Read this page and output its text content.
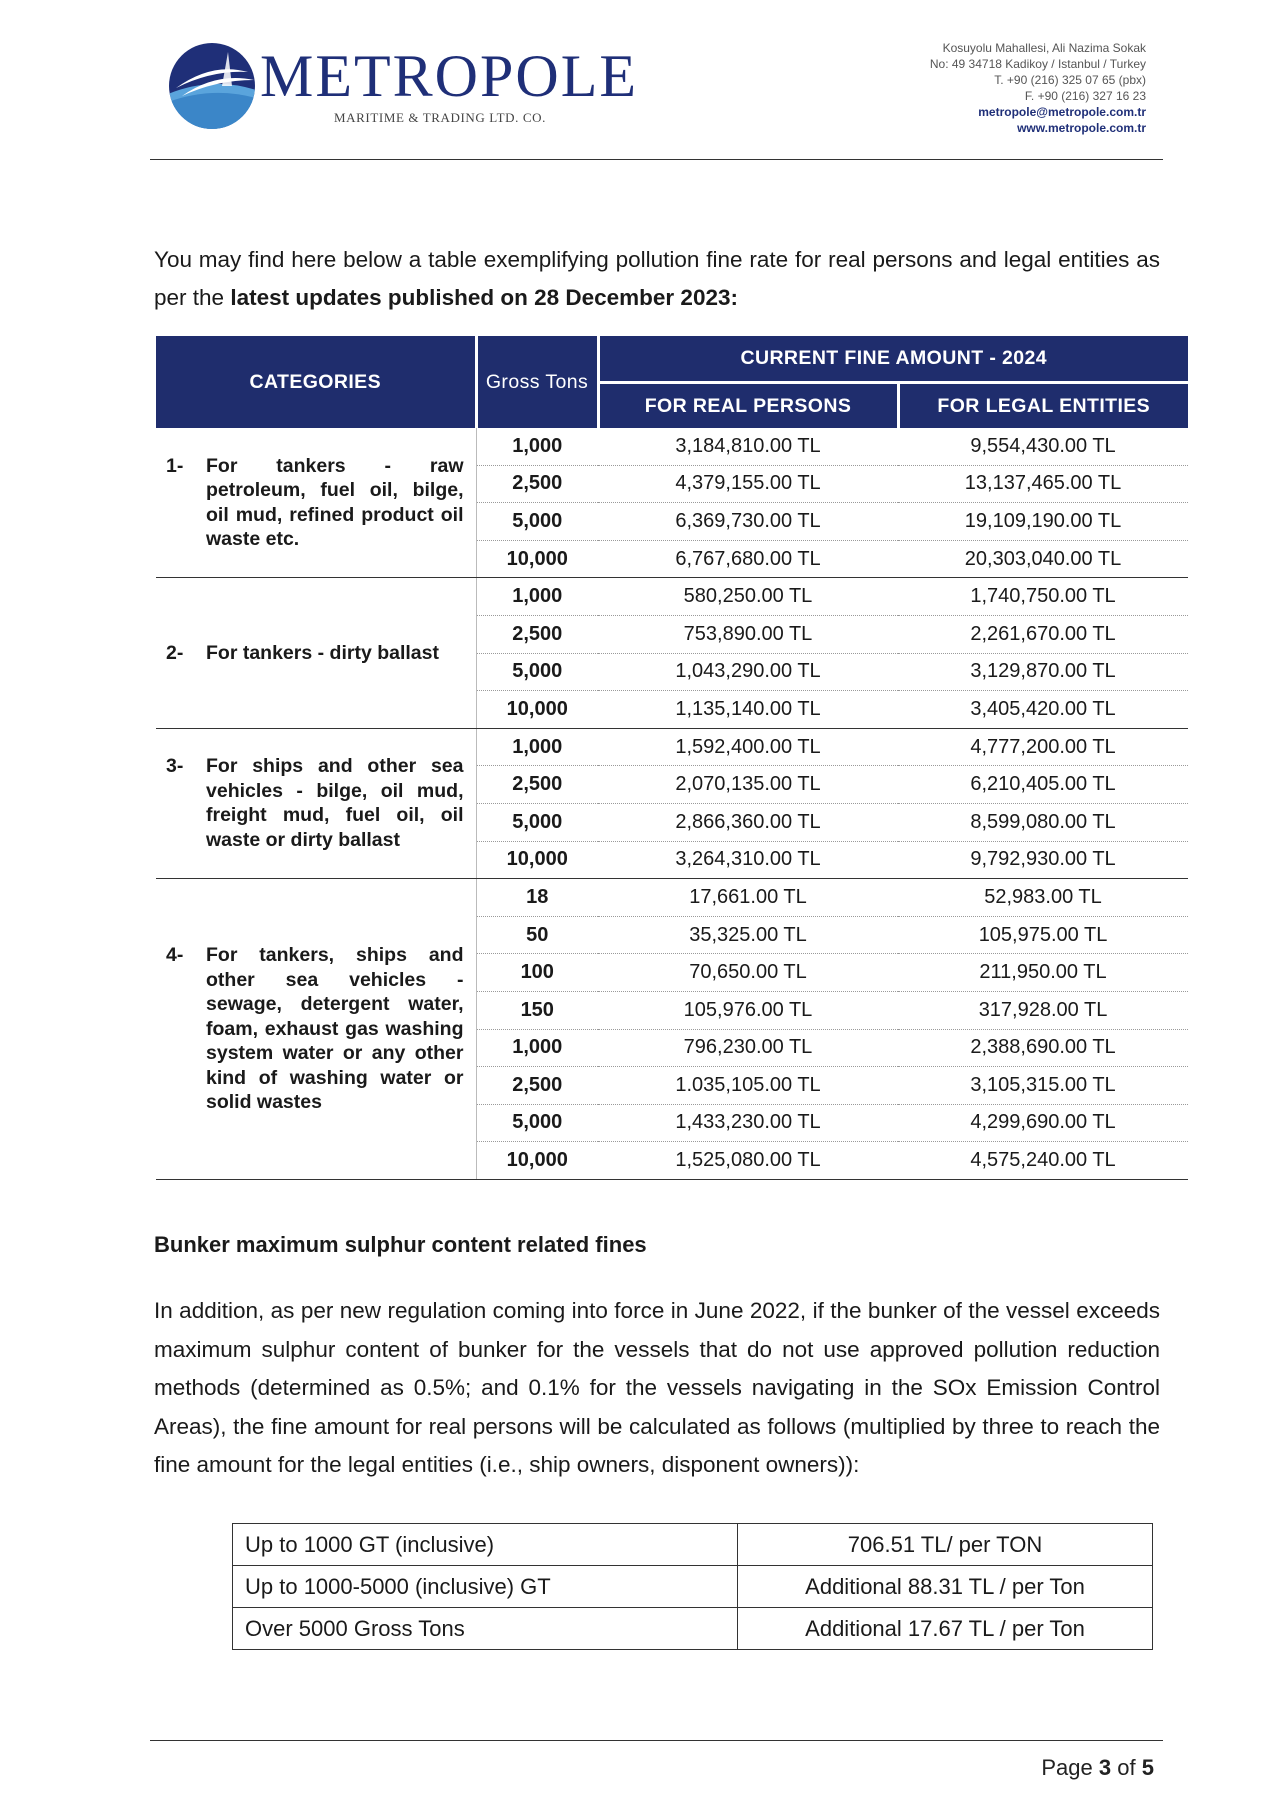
METROPOLE
MARITIME & TRADING LTD. CO.
Kosuyolu Mahallesi, Ali Nazima Sokak
No: 49 34718 Kadikoy / Istanbul / Turkey
T. +90 (216) 325 07 65 (pbx)
F. +90 (216) 327 16 23
metropole@metropole.com.tr
www.metropole.com.tr
You may find here below a table exemplifying pollution fine rate for real persons and legal entities as per the latest updates published on 28 December 2023:
CATEGORIES	Gross Tons	CURRENT FINE AMOUNT - 2024	
		FOR REAL PERSONS	FOR LEGAL ENTITIES

1- For tankers - raw petroleum, fuel oil, bilge, oil mud, refined product oil waste etc.	1,000	3,184,810.00 TL	9,554,430.00 TL
	2,500	4,379,155.00 TL	13,137,465.00 TL
	5,000	6,369,730.00 TL	19,109,190.00 TL
	10,000	6,767,680.00 TL	20,303,040.00 TL

2- For tankers - dirty ballast	1,000	580,250.00 TL	1,740,750.00 TL
	2,500	753,890.00 TL	2,261,670.00 TL
	5,000	1,043,290.00 TL	3,129,870.00 TL
	10,000	1,135,140.00 TL	3,405,420.00 TL

3- For ships and other sea vehicles - bilge, oil mud, freight mud, fuel oil, oil waste or dirty ballast	1,000	1,592,400.00 TL	4,777,200.00 TL
	2,500	2,070,135.00 TL	6,210,405.00 TL
	5,000	2,866,360.00 TL	8,599,080.00 TL
	10,000	3,264,310.00 TL	9,792,930.00 TL

4- For tankers, ships and other sea vehicles - sewage, detergent water, foam, exhaust gas washing system water or any other kind of washing water or solid wastes	18	17,661.00 TL	52,983.00 TL
	50	35,325.00 TL	105,975.00 TL
	100	70,650.00 TL	211,950.00 TL
	150	105,976.00 TL	317,928.00 TL
	1,000	796,230.00 TL	2,388,690.00 TL
	2,500	1.035,105.00 TL	3,105,315.00 TL
	5,000	1,433,230.00 TL	4,299,690.00 TL
	10,000	1,525,080.00 TL	4,575,240.00 TL
Bunker maximum sulphur content related fines
In addition, as per new regulation coming into force in June 2022, if the bunker of the vessel exceeds maximum sulphur content of bunker for the vessels that do not use approved pollution reduction methods (determined as 0.5%; and 0.1% for the vessels navigating in the SOx Emission Control Areas), the fine amount for real persons will be calculated as follows (multiplied by three to reach the fine amount for the legal entities (i.e., ship owners, disponent owners)):
Up to 1000 GT (inclusive)	706.51 TL/ per TON
Up to 1000-5000 (inclusive) GT	Additional 88.31 TL / per Ton
Over 5000 Gross Tons	Additional 17.67 TL / per Ton
Page 3 of 5
